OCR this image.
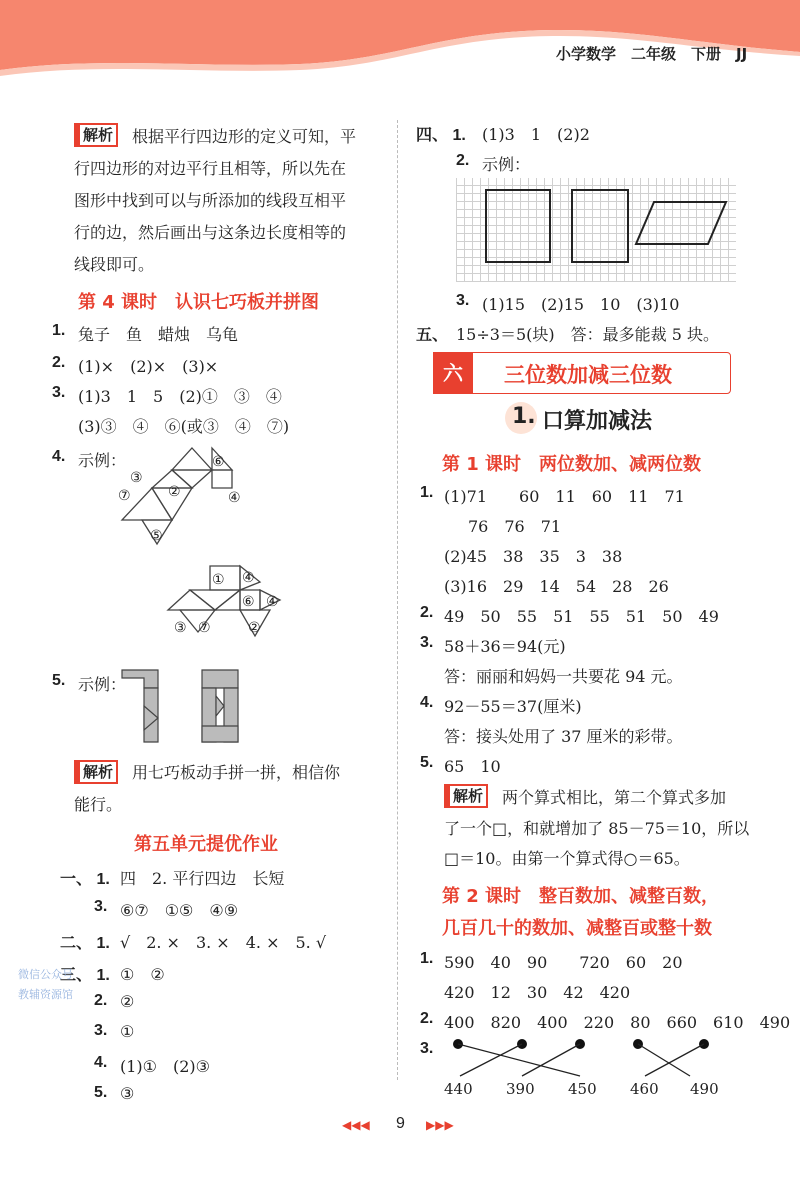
小学数学　二年级　下册　JJ
解析	根据平行四边形的定义可知，平
行四边形的对边平行且相等，所以先在
图形中找到可以与所添加的线段互相平
行的边，然后画出与这条边长度相等的
线段即可。
第 4 课时　认识七巧板并拼图
1. 兔子　鱼　蜡烛　乌龟
2. (1)×　(2)×　(3)×
3. (1)3　1　5　(2)①　③　④
(3)③　④　⑥(或③　④　⑦)
4. 示例：
③
⑥
⑦	②	④
⑤
① ④
⑥ ④
③ ⑦	②
5. 示例：
解析	用七巧板动手拼一拼，相信你
能行。
第五单元提优作业
一、 1. 四　2. 平行四边　长短
3. ⑥⑦　①⑤　④⑨
二、 1. √　2. ×　3. ×　4. ×　5. √
三、 1. ①　②
2. ②
3. ①
4. (1)①　(2)③
5. ③
微信公众号
教辅资源馆
四、 1. (1)3　1　(2)2
2. 示例：
3. (1)15　(2)15　10　(3)10
五、 15÷3＝5(块)　答：最多能裁 5 块。
六	三位数加减三位数
1. 口算加减法
第 1 课时　两位数加、减两位数
1. (1)71　　60　11　60　11　71
76　76　71
(2)45　38　35　3　38
(3)16　29　14　54　28　26
2. 49　50　55　51　55　51　50　49
3. 58＋36＝94(元)
答：丽丽和妈妈一共要花 94 元。
4. 92－55＝37(厘米)
答：接头处用了 37 厘米的彩带。
5. 65　10
解析	两个算式相比，第二个算式多加
了一个□，和就增加了 85－75＝10，所以
□＝10。由第一个算式得○＝65。
第 2 课时　整百数加、减整百数，
几百几十的数加、减整百或整十数
1. 590　40　90　　720　60　20
420　12　30　42　420
2. 400　820　400　220　80　660　610　490
3.
440 390 450 460 490
◀◀◀ 9 ▶▶▶
